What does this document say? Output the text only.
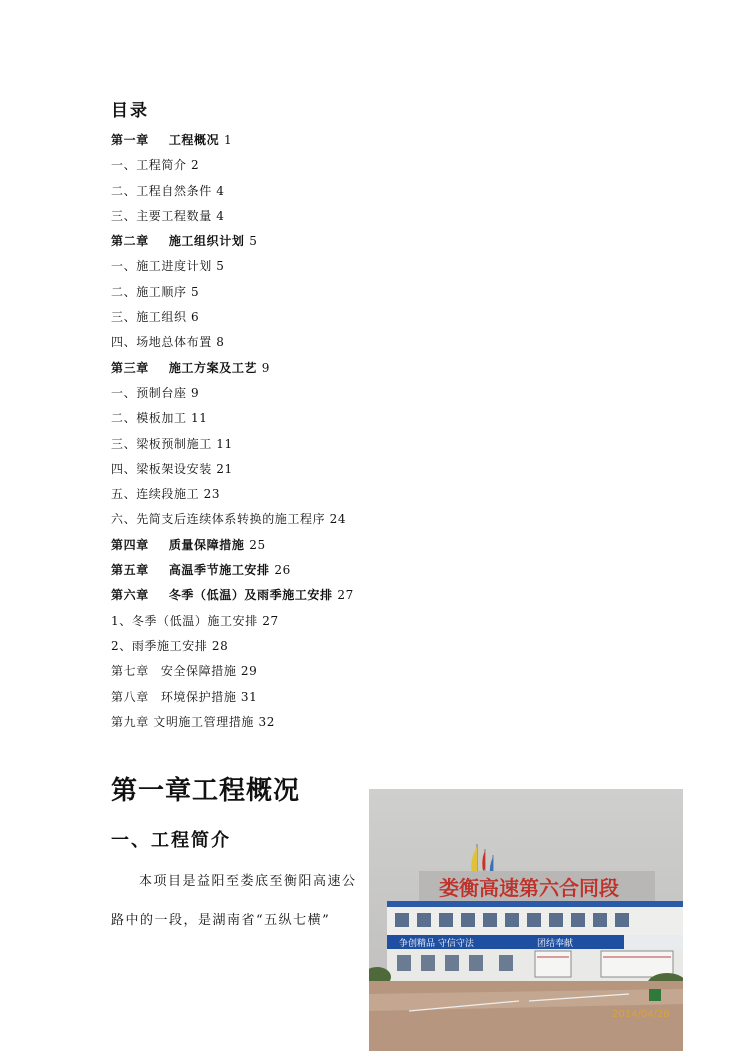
目录
第一章 工程概况 1
一、工程简介 2
二、工程自然条件 4
三、主要工程数量 4
第二章 施工组织计划 5
一、施工进度计划 5
二、施工顺序 5
三、施工组织 6
四、场地总体布置 8
第三章 施工方案及工艺 9
一、预制台座 9
二、模板加工 11
三、梁板预制施工 11
四、梁板架设安装 21
五、连续段施工 23
六、先简支后连续体系转换的施工程序 24
第四章 质量保障措施 25
第五章 高温季节施工安排 26
第六章 冬季（低温）及雨季施工安排 27
1、冬季（低温）施工安排 27
2、雨季施工安排 28
第七章 安全保障措施 29
第八章 环境保护措施 31
第九章 文明施工管理措施 32
第一章工程概况
一、工程简介
本项目是益阳至娄底至衡阳高速公路中的一段，是湖南省“五纵七横”
娄衡高速第六合同段
争创精品 守信守法	团结奉献
2014/04/28
